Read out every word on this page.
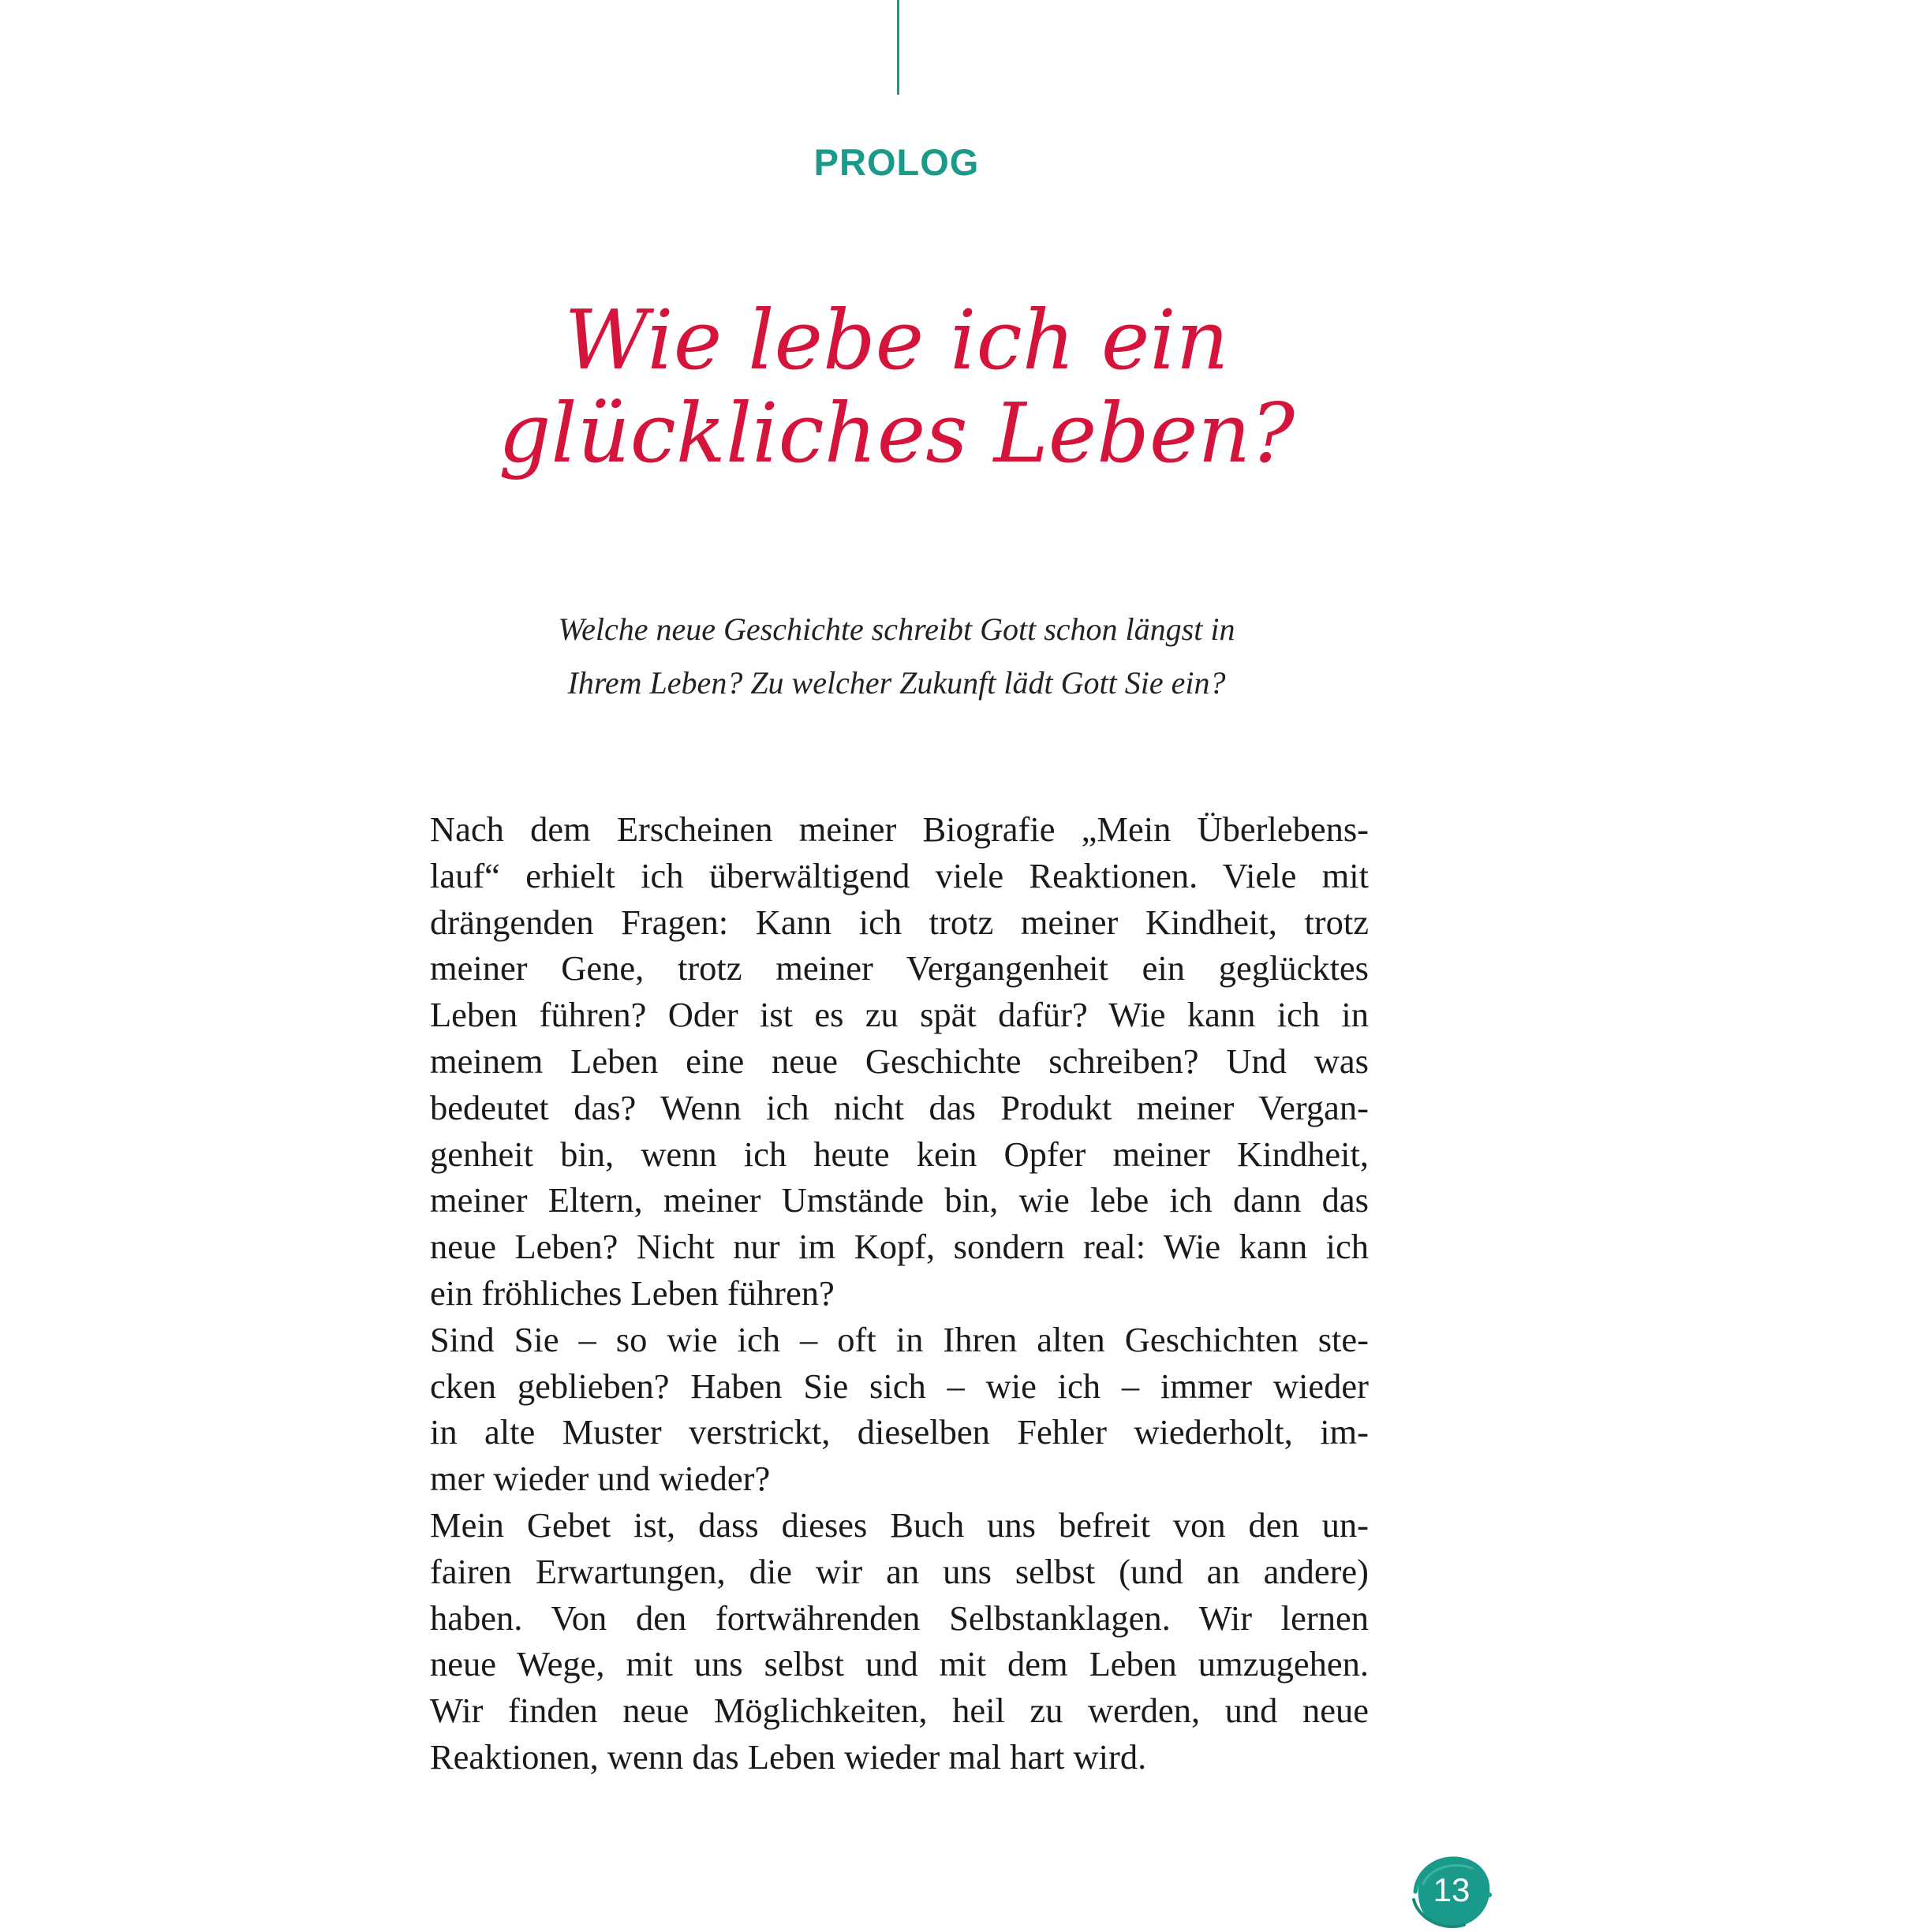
PROLOG
Wie lebe ich ein
glückliches Leben?
Welche neue Geschichte schreibt Gott schon längst in
Ihrem Leben? Zu welcher Zukunft lädt Gott Sie ein?
Nach dem Erscheinen meiner Biografie „Mein Überlebens-
lauf“ erhielt ich überwältigend viele Reaktionen. Viele mit
drängenden Fragen: Kann ich trotz meiner Kindheit, trotz
meiner Gene, trotz meiner Vergangenheit ein geglücktes
Leben führen? Oder ist es zu spät dafür? Wie kann ich in
meinem Leben eine neue Geschichte schreiben? Und was
bedeutet das? Wenn ich nicht das Produkt meiner Vergan-
genheit bin, wenn ich heute kein Opfer meiner Kindheit,
meiner Eltern, meiner Umstände bin, wie lebe ich dann das
neue Leben? Nicht nur im Kopf, sondern real: Wie kann ich
ein fröhliches Leben führen?
Sind Sie – so wie ich – oft in Ihren alten Geschichten ste-
cken geblieben? Haben Sie sich – wie ich – immer wieder
in alte Muster verstrickt, dieselben Fehler wiederholt, im-
mer wieder und wieder?
Mein Gebet ist, dass dieses Buch uns befreit von den un-
fairen Erwartungen, die wir an uns selbst (und an andere)
haben. Von den fortwährenden Selbstanklagen. Wir lernen
neue Wege, mit uns selbst und mit dem Leben umzugehen.
Wir finden neue Möglichkeiten, heil zu werden, und neue
Reaktionen, wenn das Leben wieder mal hart wird.
13
